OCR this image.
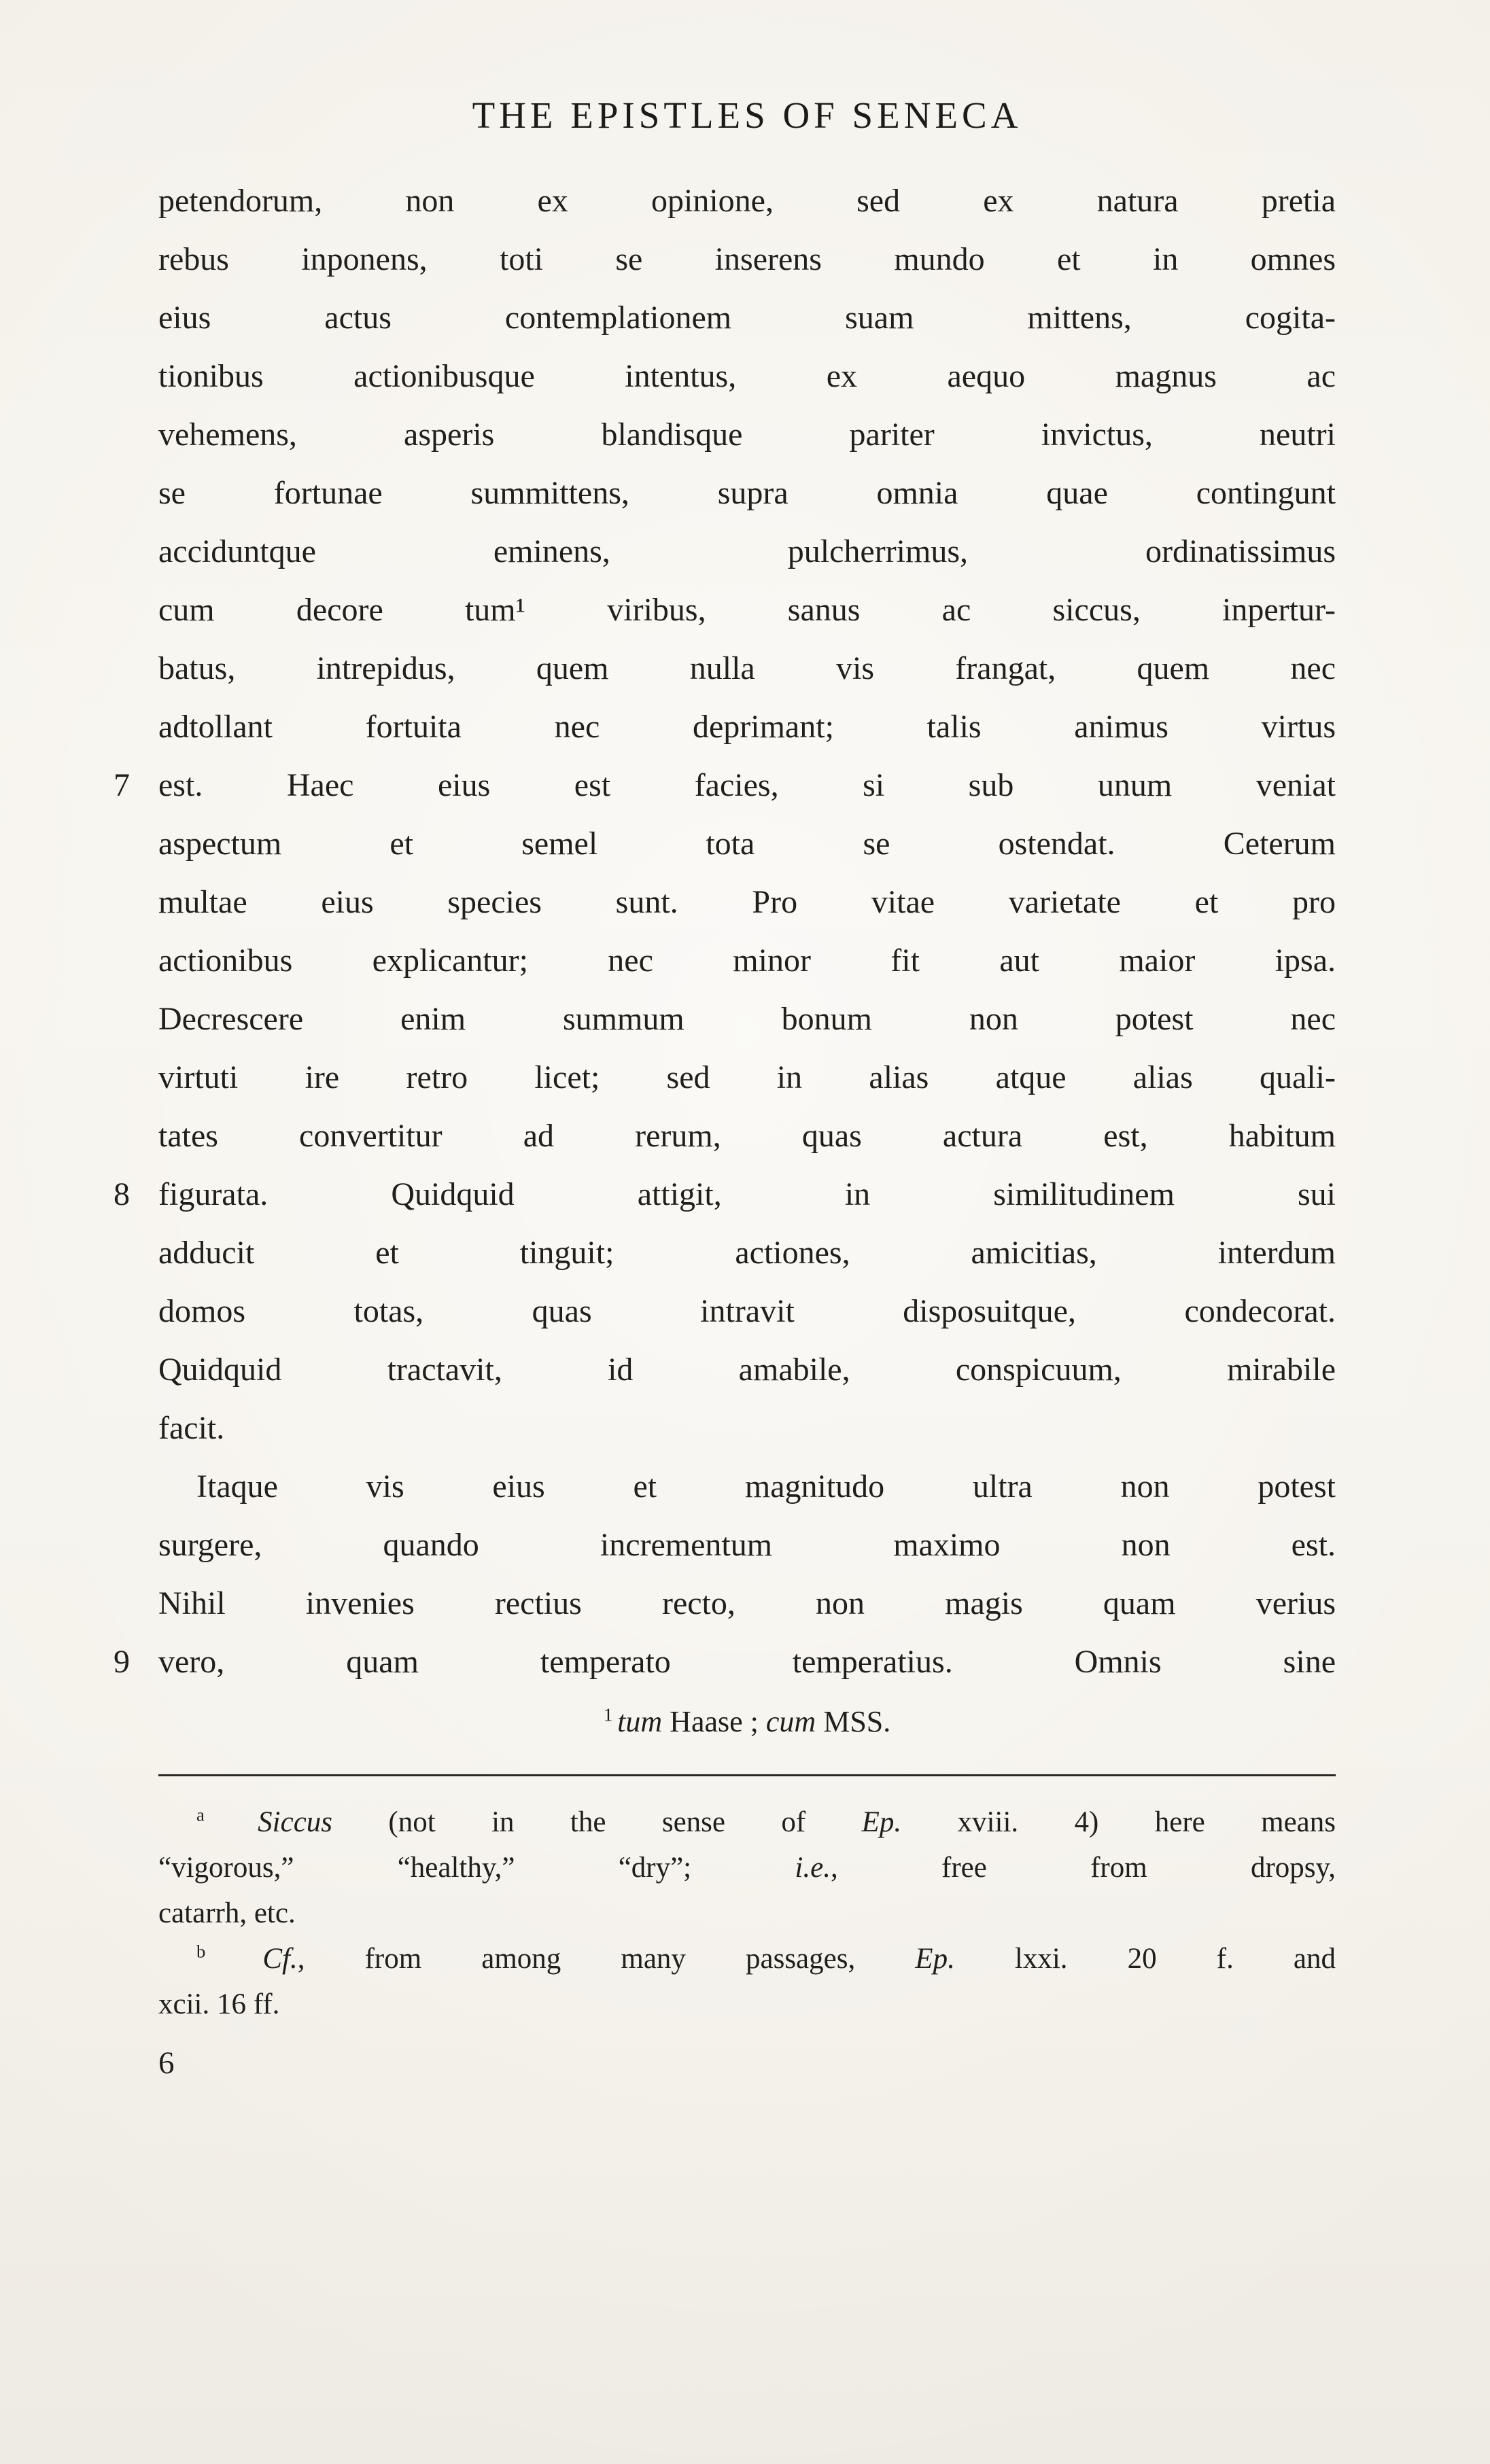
THE EPISTLES OF SENECA
petendorum, non ex opinione, sed ex natura pretia
rebus inponens, toti se inserens mundo et in omnes
eius actus contemplationem suam mittens, cogita-
tionibus actionibusque intentus, ex aequo magnus ac
vehemens, asperis blandisque pariter invictus, neutri
se fortunae summittens, supra omnia quae contingunt
acciduntque eminens, pulcherrimus, ordinatissimus
cum decore tum¹ viribus, sanus ac siccus, inpertur-
batus, intrepidus, quem nulla vis frangat, quem nec
adtollant fortuita nec deprimant; talis animus virtus
7 est. Haec eius est facies, si sub unum veniat
aspectum et semel tota se ostendat. Ceterum
multae eius species sunt. Pro vitae varietate et pro
actionibus explicantur; nec minor fit aut maior ipsa.
Decrescere enim summum bonum non potest nec
virtuti ire retro licet; sed in alias atque alias quali-
tates convertitur ad rerum, quas actura est, habitum
8 figurata. Quidquid attigit, in similitudinem sui
adducit et tinguit; actiones, amicitias, interdum
domos totas, quas intravit disposuitque, condecorat.
Quidquid tractavit, id amabile, conspicuum, mirabile
facit.
Itaque vis eius et magnitudo ultra non potest
surgere, quando incrementum maximo non est.
Nihil invenies rectius recto, non magis quam verius
9 vero, quam temperato temperatius. Omnis sine
$^1$ tum Haase ; cum MSS.
$^a$ Siccus (not in the sense of Ep. xviii. 4) here means
“vigorous,” “healthy,” “dry”; i.e., free from dropsy,
catarrh, etc.
$^b$ Cf., from among many passages, Ep. lxxi. 20 f. and
xcii. 16 ff.
6
